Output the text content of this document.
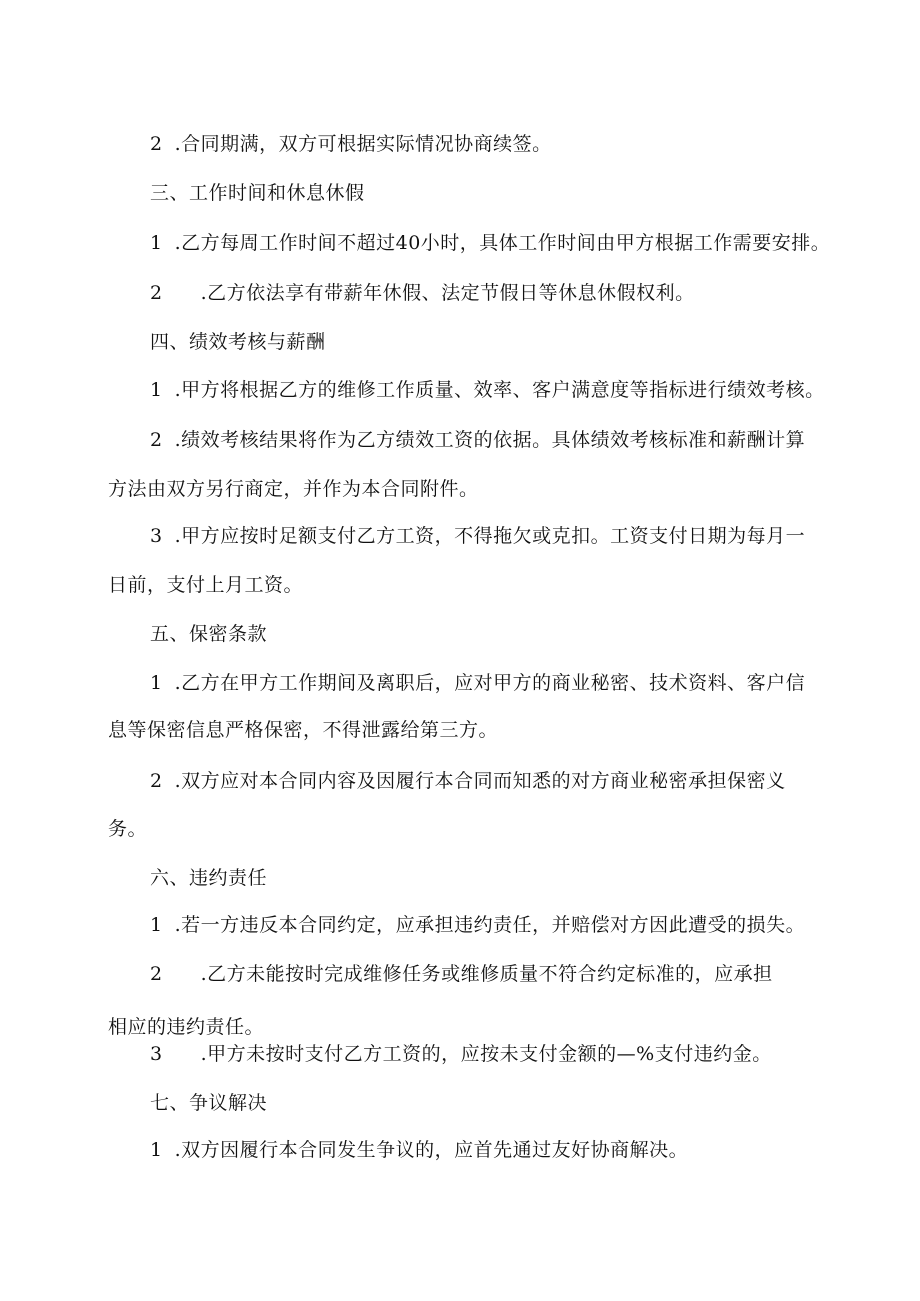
2 .合同期满，双方可根据实际情况协商续签。
三、工作时间和休息休假
1 .乙方每周工作时间不超过40小时，具体工作时间由甲方根据工作需要安排。
2 .乙方依法享有带薪年休假、法定节假日等休息休假权利。
四、绩效考核与薪酬
1 .甲方将根据乙方的维修工作质量、效率、客户满意度等指标进行绩效考核。
2 .绩效考核结果将作为乙方绩效工资的依据。具体绩效考核标准和薪酬计算
方法由双方另行商定，并作为本合同附件。
3 .甲方应按时足额支付乙方工资，不得拖欠或克扣。工资支付日期为每月一
日前，支付上月工资。
五、保密条款
1 .乙方在甲方工作期间及离职后，应对甲方的商业秘密、技术资料、客户信
息等保密信息严格保密，不得泄露给第三方。
2 .双方应对本合同内容及因履行本合同而知悉的对方商业秘密承担保密义
务。
六、违约责任
1 .若一方违反本合同约定，应承担违约责任，并赔偿对方因此遭受的损失。
2 .乙方未能按时完成维修任务或维修质量不符合约定标准的，应承担
相应的违约责任。
3 .甲方未按时支付乙方工资的，应按未支付金额的—%支付违约金。
七、争议解决
1 .双方因履行本合同发生争议的，应首先通过友好协商解决。
